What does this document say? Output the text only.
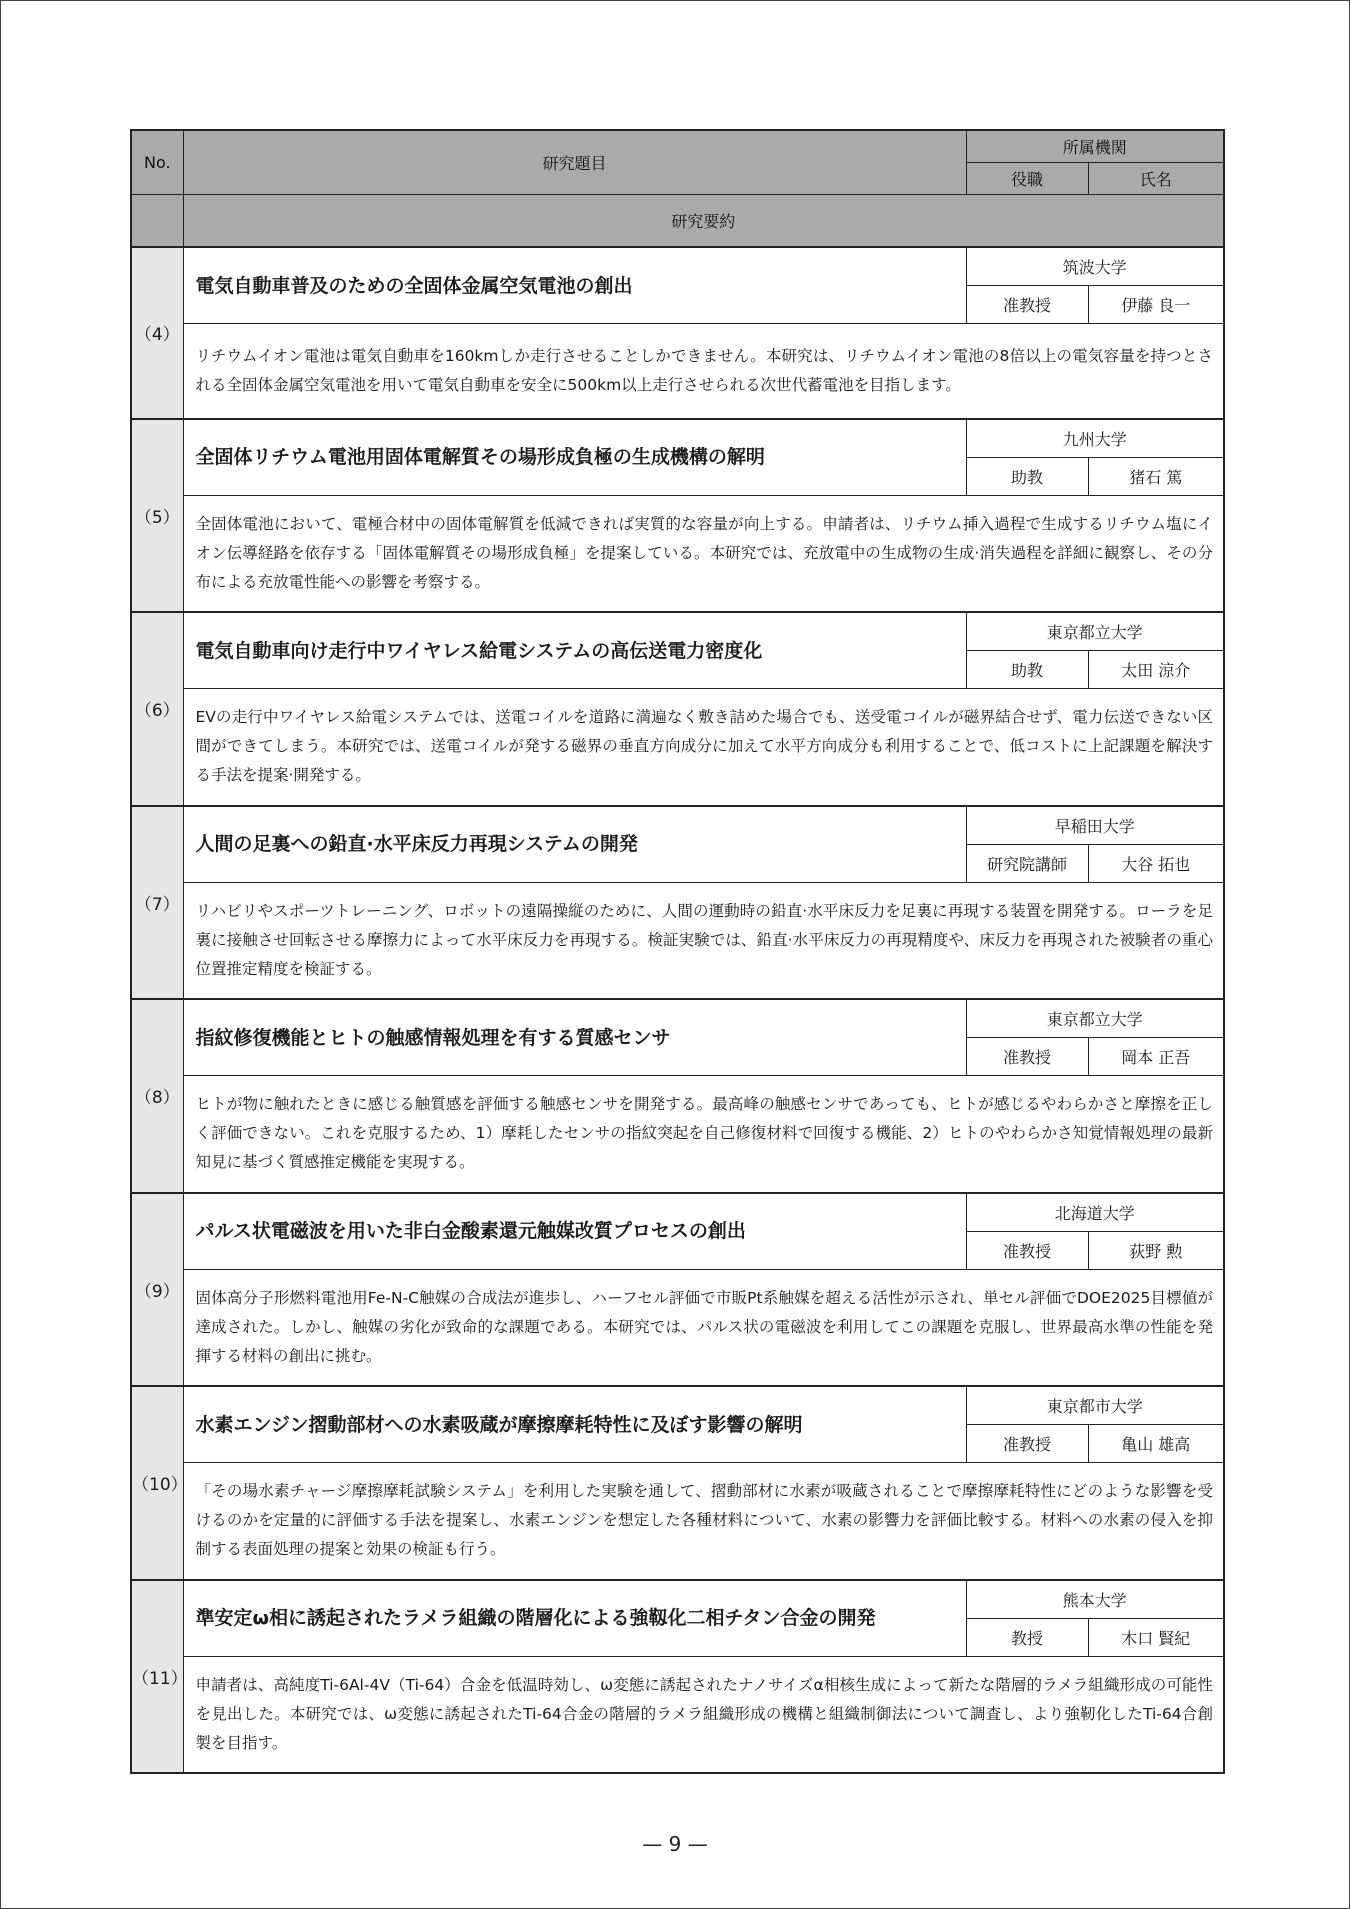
No.	研究題目	所属機関	
		役職	氏名
	研究要約		
（4）	電気自動車普及のための全固体金属空気電池の創出	筑波大学	
		准教授	伊藤 良一
	リチウムイオン電池は電気自動車を160kmしか走行させることしかできません。本研究は、リチウムイオン電池の8倍以上の電気容量を持つとされる全固体金属空気電池を用いて電気自動車を安全に500km以上走行させられる次世代蓄電池を目指します。		
（5）	全固体リチウム電池用固体電解質その場形成負極の生成機構の解明	九州大学	
		助教	猪石 篤
	全固体電池において、電極合材中の固体電解質を低減できれば実質的な容量が向上する。申請者は、リチウム挿入過程で生成するリチウム塩にイオン伝導経路を依存する「固体電解質その場形成負極」を提案している。本研究では、充放電中の生成物の生成·消失過程を詳細に観察し、その分布による充放電性能への影響を考察する。		
（6）	電気自動車向け走行中ワイヤレス給電システムの高伝送電力密度化	東京都立大学	
		助教	太田 涼介
	EVの走行中ワイヤレス給電システムでは、送電コイルを道路に満遍なく敷き詰めた場合でも、送受電コイルが磁界結合せず、電力伝送できない区間ができてしまう。本研究では、送電コイルが発する磁界の垂直方向成分に加えて水平方向成分も利用することで、低コストに上記課題を解決する手法を提案·開発する。		
（7）	人間の足裏への鉛直·水平床反力再現システムの開発	早稲田大学	
		研究院講師	大谷 拓也
	リハビリやスポーツトレーニング、ロボットの遠隔操縦のために、人間の運動時の鉛直·水平床反力を足裏に再現する装置を開発する。ローラを足裏に接触させ回転させる摩擦力によって水平床反力を再現する。検証実験では、鉛直·水平床反力の再現精度や、床反力を再現された被験者の重心位置推定精度を検証する。		
（8）	指紋修復機能とヒトの触感情報処理を有する質感センサ	東京都立大学	
		准教授	岡本 正吾
	ヒトが物に触れたときに感じる触質感を評価する触感センサを開発する。最高峰の触感センサであっても、ヒトが感じるやわらかさと摩擦を正しく評価できない。これを克服するため、1）摩耗したセンサの指紋突起を自己修復材料で回復する機能、2）ヒトのやわらかさ知覚情報処理の最新知見に基づく質感推定機能を実現する。		
（9）	パルス状電磁波を用いた非白金酸素還元触媒改質プロセスの創出	北海道大学	
		准教授	荻野 勲
	固体高分子形燃料電池用Fe-N-C触媒の合成法が進歩し、ハーフセル評価で市販Pt系触媒を超える活性が示され、単セル評価でDOE2025目標値が達成された。しかし、触媒の劣化が致命的な課題である。本研究では、パルス状の電磁波を利用してこの課題を克服し、世界最高水準の性能を発揮する材料の創出に挑む。		
（10）	水素エンジン摺動部材への水素吸蔵が摩擦摩耗特性に及ぼす影響の解明	東京都市大学	
		准教授	亀山 雄高
	「その場水素チャージ摩擦摩耗試験システム」を利用した実験を通して、摺動部材に水素が吸蔵されることで摩擦摩耗特性にどのような影響を受けるのかを定量的に評価する手法を提案し、水素エンジンを想定した各種材料について、水素の影響力を評価比較する。材料への水素の侵入を抑制する表面処理の提案と効果の検証も行う。		
（11）	準安定ω相に誘起されたラメラ組織の階層化による強靱化二相チタン合金の開発	熊本大学	
		教授	木口 賢紀
	申請者は、高純度Ti-6Al-4V（Ti-64）合金を低温時効し、ω変態に誘起されたナノサイズα相核生成によって新たな階層的ラメラ組織形成の可能性を見出した。本研究では、ω変態に誘起されたTi-64合金の階層的ラメラ組織形成の機構と組織制御法について調査し、より強靭化したTi-64合創製を目指す。		
— 9 —
